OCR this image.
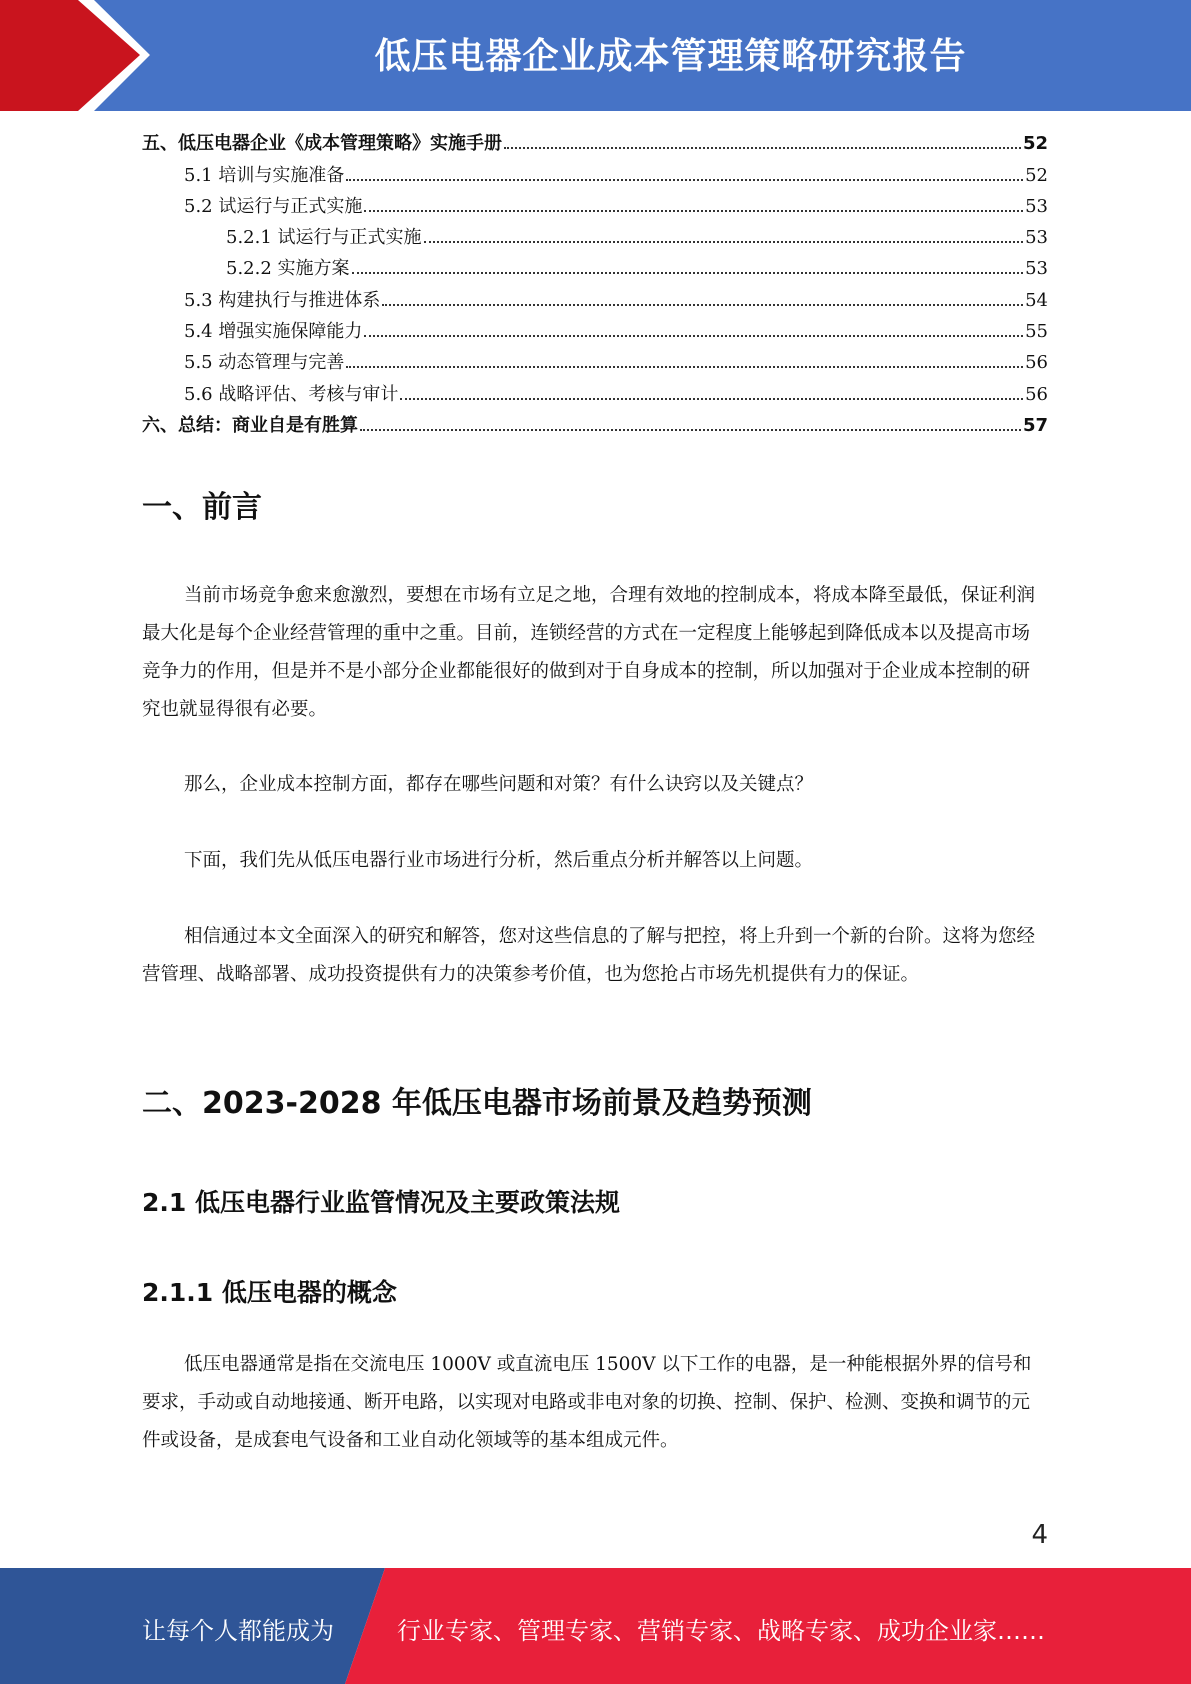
低压电器企业成本管理策略研究报告
五、低压电器企业《成本管理策略》实施手册	52
5.1 培训与实施准备	52
5.2 试运行与正式实施	53
5.2.1 试运行与正式实施	53
5.2.2 实施方案	53
5.3 构建执行与推进体系	54
5.4 增强实施保障能力	55
5.5 动态管理与完善	56
5.6 战略评估、考核与审计	56
六、总结：商业自是有胜算	57
一、前言

当前市场竞争愈来愈激烈，要想在市场有立足之地，合理有效地的控制成本，将成本降至最低，保证利润最大化是每个企业经营管理的重中之重。目前，连锁经营的方式在一定程度上能够起到降低成本以及提高市场竞争力的作用，但是并不是小部分企业都能很好的做到对于自身成本的控制，所以加强对于企业成本控制的研究也就显得很有必要。

那么，企业成本控制方面，都存在哪些问题和对策？有什么诀窍以及关键点？

下面，我们先从低压电器行业市场进行分析，然后重点分析并解答以上问题。

相信通过本文全面深入的研究和解答，您对这些信息的了解与把控，将上升到一个新的台阶。这将为您经营管理、战略部署、成功投资提供有力的决策参考价值，也为您抢占市场先机提供有力的保证。

二、2023-2028 年低压电器市场前景及趋势预测
2.1 低压电器行业监管情况及主要政策法规
2.1.1 低压电器的概念

低压电器通常是指在交流电压 1000V 或直流电压 1500V 以下工作的电器，是一种能根据外界的信号和要求，手动或自动地接通、断开电路，以实现对电路或非电对象的切换、控制、保护、检测、变换和调节的元件或设备，是成套电气设备和工业自动化领域等的基本组成元件。

4
让每个人都能成为	行业专家、管理专家、营销专家、战略专家、成功企业家……
